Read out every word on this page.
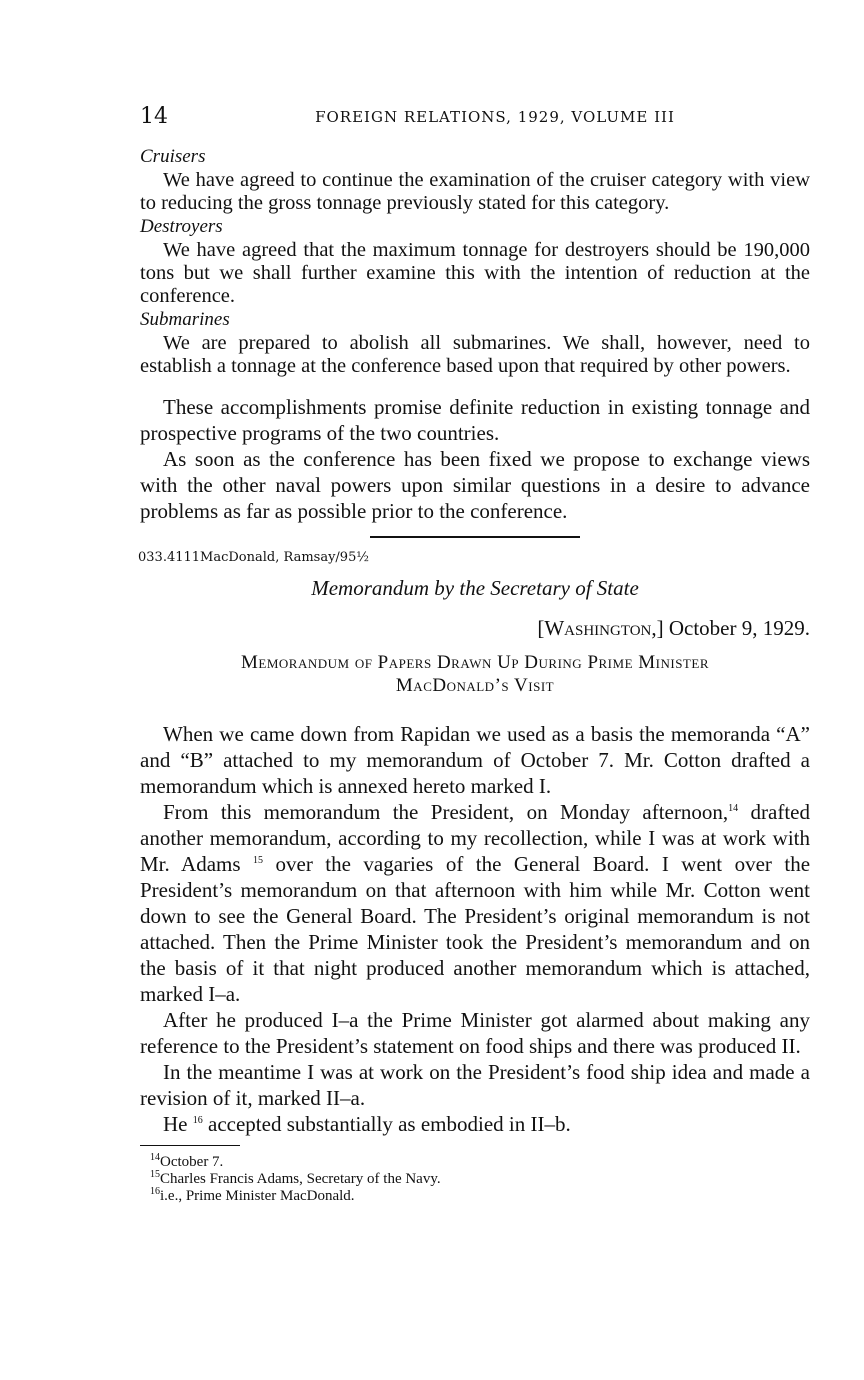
14	FOREIGN RELATIONS, 1929, VOLUME III
Cruisers

We have agreed to continue the examination of the cruiser category with view to reducing the gross tonnage previously stated for this category.

Destroyers

We have agreed that the maximum tonnage for destroyers should be 190,000 tons but we shall further examine this with the intention of reduction at the conference.

Submarines

We are prepared to abolish all submarines. We shall, however, need to establish a tonnage at the conference based upon that required by other powers.

These accomplishments promise definite reduction in existing tonnage and prospective programs of the two countries.

As soon as the conference has been fixed we propose to exchange views with the other naval powers upon similar questions in a desire to advance problems as far as possible prior to the conference.

033.4111MacDonald, Ramsay/95½
Memorandum by the Secretary of State
[Washington,] October 9, 1929.
Memorandum of Papers Drawn Up During Prime Minister
MacDonald’s Visit

When we came down from Rapidan we used as a basis the memoranda “A” and “B” attached to my memorandum of October 7. Mr. Cotton drafted a memorandum which is annexed hereto marked I.

From this memorandum the President, on Monday afternoon,$^{14}$ drafted another memorandum, according to my recollection, while I was at work with Mr. Adams $^{15}$ over the vagaries of the General Board. I went over the President’s memorandum on that afternoon with him while Mr. Cotton went down to see the General Board. The President’s original memorandum is not attached. Then the Prime Minister took the President’s memorandum and on the basis of it that night produced another memorandum which is attached, marked I–a.

After he produced I–a the Prime Minister got alarmed about making any reference to the President’s statement on food ships and there was produced II.

In the meantime I was at work on the President’s food ship idea and made a revision of it, marked II–a.

He $^{16}$ accepted substantially as embodied in II–b.

$^{14}$October 7.
$^{15}$Charles Francis Adams, Secretary of the Navy.
$^{16}$i.e., Prime Minister MacDonald.
